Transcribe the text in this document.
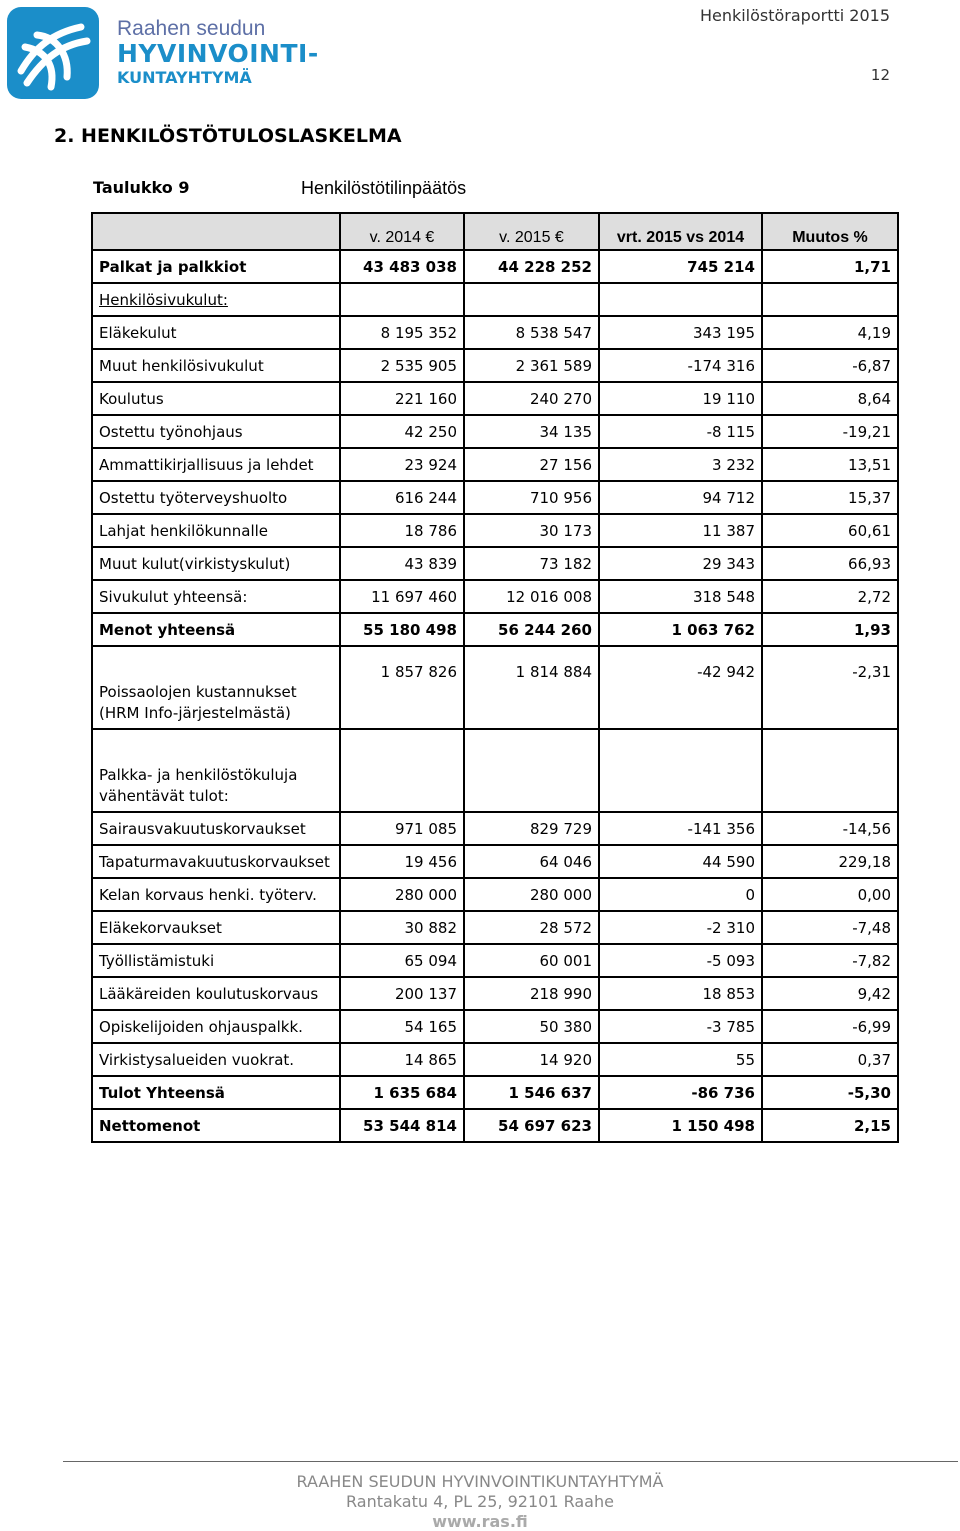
Raahen seudun
HYVINVOINTI-
KUNTAYHTYMÄ
Henkilöstöraportti 2015
12
2. HENKILÖSTÖTULOSLASKELMA
Taulukko 9	Henkilöstötilinpäätös
	v. 2014 €	v. 2015 €	vrt. 2015 vs 2014	Muutos %
Palkat ja palkkiot	43 483 038	44 228 252	745 214	1,71
Henkilösivukulut:				
Eläkekulut	8 195 352	8 538 547	343 195	4,19
Muut henkilösivukulut	2 535 905	2 361 589	-174 316	-6,87
Koulutus	221 160	240 270	19 110	8,64
Ostettu työnohjaus	42 250	34 135	-8 115	-19,21
Ammattikirjallisuus ja lehdet	23 924	27 156	3 232	13,51
Ostettu työterveyshuolto	616 244	710 956	94 712	15,37
Lahjat henkilökunnalle	18 786	30 173	11 387	60,61
Muut kulut(virkistyskulut)	43 839	73 182	29 343	66,93
Sivukulut yhteensä:	11 697 460	12 016 008	318 548	2,72
Menot yhteensä	55 180 498	56 244 260	1 063 762	1,93
Poissaolojen kustannukset (HRM Info-järjestelmästä)	1 857 826	1 814 884	-42 942	-2,31
Palkka- ja henkilöstökuluja vähentävät tulot:				
Sairausvakuutuskorvaukset	971 085	829 729	-141 356	-14,56
Tapaturmavakuutuskorvaukset	19 456	64 046	44 590	229,18
Kelan korvaus henki. työterv.	280 000	280 000	0	0,00
Eläkekorvaukset	30 882	28 572	-2 310	-7,48
Työllistämistuki	65 094	60 001	-5 093	-7,82
Lääkäreiden koulutuskorvaus	200 137	218 990	18 853	9,42
Opiskelijoiden ohjauspalkk.	54 165	50 380	-3 785	-6,99
Virkistysalueiden vuokrat.	14 865	14 920	55	0,37
Tulot Yhteensä	1 635 684	1 546 637	-86 736	-5,30
Nettomenot	53 544 814	54 697 623	1 150 498	2,15
RAAHEN SEUDUN HYVINVOINTIKUNTAYHTYMÄ
Rantakatu 4, PL 25, 92101 Raahe
www.ras.fi
